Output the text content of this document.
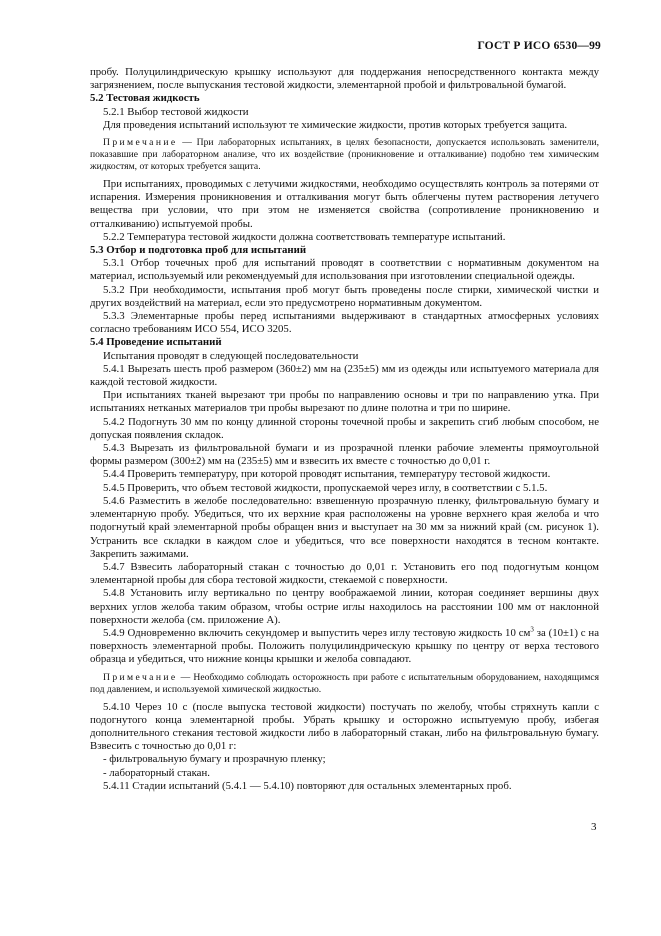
ГОСТ Р ИСО 6530—99

пробу. Полуцилиндрическую крышку используют для поддержания непосредственного контакта между загрязнением, после выпускания тестовой жидкости, элементарной пробой и фильтровальной бумагой.

5.2 Тестовая жидкость

5.2.1 Выбор тестовой жидкости

Для проведения испытаний используют те химические жидкости, против которых требуется защита.

Примечание — При лабораторных испытаниях, в целях безопасности, допускается использовать заменители, показавшие при лабораторном анализе, что их воздействие (проникновение и отталкивание) подобно тем химическим жидкостям, от которых требуется защита.

При испытаниях, проводимых с летучими жидкостями, необходимо осуществлять контроль за потерями от испарения. Измерения проникновения и отталкивания могут быть облегчены путем растворения летучего вещества при условии, что при этом не изменяется свойства (сопротивление проникновению и отталкиванию) испытуемой пробы.

5.2.2 Температура тестовой жидкости должна соответствовать температуре испытаний.

5.3 Отбор и подготовка проб для испытаний

5.3.1 Отбор точечных проб для испытаний проводят в соответствии с нормативным документом на материал, используемый или рекомендуемый для использования при изготовлении специальной одежды.

5.3.2 При необходимости, испытания проб могут быть проведены после стирки, химической чистки и других воздействий на материал, если это предусмотрено нормативным документом.

5.3.3 Элементарные пробы перед испытаниями выдерживают в стандартных атмосферных условиях согласно требованиям ИСО 554, ИСО 3205.

5.4 Проведение испытаний

Испытания проводят в следующей последовательности

5.4.1 Вырезать шесть проб размером (360±2) мм на (235±5) мм из одежды или испытуемого материала для каждой тестовой жидкости.

При испытаниях тканей вырезают три пробы по направлению основы и три по направлению утка. При испытаниях нетканых материалов три пробы вырезают по длине полотна и три по ширине.

5.4.2 Подогнуть 30 мм по концу длинной стороны точечной пробы и закрепить сгиб любым способом, не допуская появления складок.

5.4.3 Вырезать из фильтровальной бумаги и из прозрачной пленки рабочие элементы прямоугольной формы размером (300±2) мм на (235±5) мм и взвесить их вместе с точностью до 0,01 г.

5.4.4 Проверить температуру, при которой проводят испытания, температуру тестовой жидкости.

5.4.5 Проверить, что объем тестовой жидкости, пропускаемой через иглу, в соответствии с 5.1.5.

5.4.6 Разместить в желобе последовательно: взвешенную прозрачную пленку, фильтровальную бумагу и элементарную пробу. Убедиться, что их верхние края расположены на уровне верхнего края желоба и что подогнутый край элементарной пробы обращен вниз и выступает на 30 мм за нижний край (см. рисунок 1). Устранить все складки в каждом слое и убедиться, что все поверхности находятся в тесном контакте. Закрепить зажимами.

5.4.7 Взвесить лабораторный стакан с точностью до 0,01 г. Установить его под подогнутым концом элементарной пробы для сбора тестовой жидкости, стекаемой с поверхности.

5.4.8 Установить иглу вертикально по центру воображаемой линии, которая соединяет вершины двух верхних углов желоба таким образом, чтобы острие иглы находилось на расстоянии 100 мм от наклонной поверхности желоба (см. приложение А).

5.4.9 Одновременно включить секундомер и выпустить через иглу тестовую жидкость 10 $см^3$ за (10±1) с на поверхность элементарной пробы. Положить полуцилиндрическую крышку по центру от верха тестового образца и убедиться, что нижние концы крышки и желоба совпадают.

Примечание — Необходимо соблюдать осторожность при работе с испытательным оборудованием, находящимся под давлением, и используемой химической жидкостью.

5.4.10 Через 10 с (после выпуска тестовой жидкости) постучать по желобу, чтобы стряхнуть капли с подогнутого конца элементарной пробы. Убрать крышку и осторожно испытуемую пробу, избегая дополнительного стекания тестовой жидкости либо в лабораторный стакан, либо на фильтровальную бумагу. Взвесить с точностью до 0,01 г:

- фильтровальную бумагу и прозрачную пленку;

- лабораторный стакан.

5.4.11 Стадии испытаний (5.4.1 — 5.4.10) повторяют для остальных элементарных проб.

3
